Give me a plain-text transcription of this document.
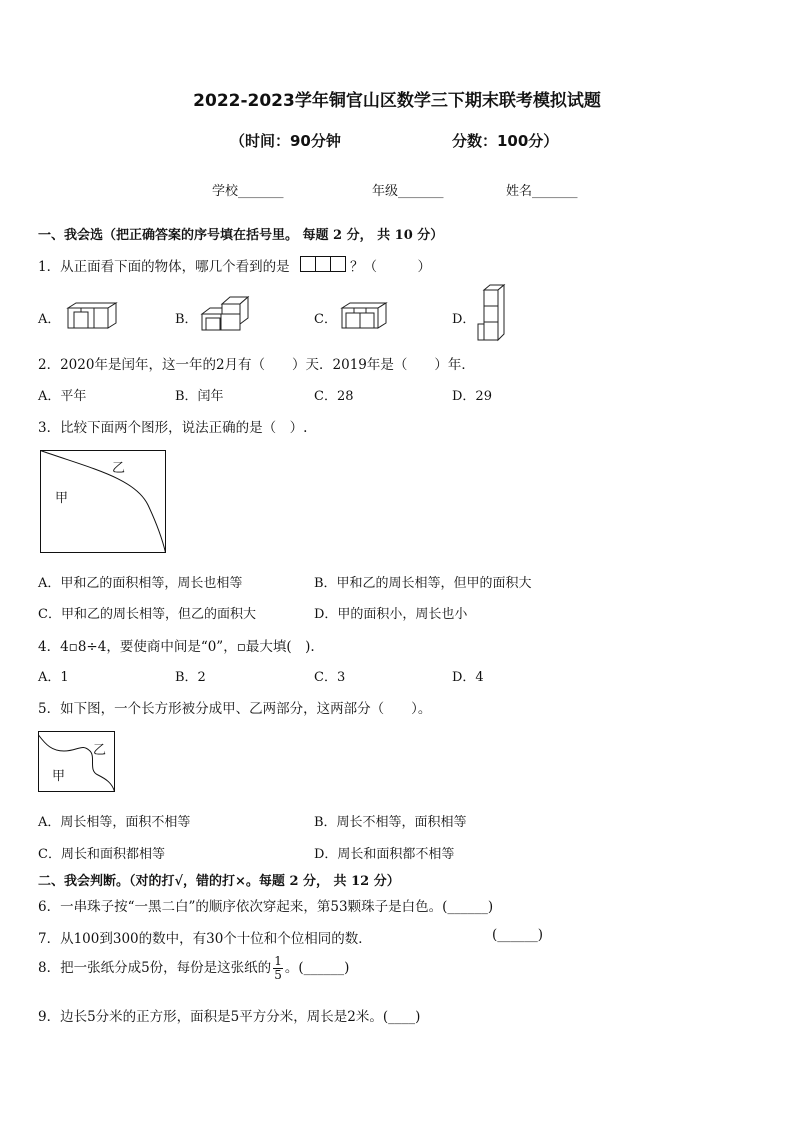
2022-2023学年铜官山区数学三下期末联考模拟试题
（时间：90分钟	分数：100分）
学校_______	年级_______	姓名_______
一、我会选（把正确答案的序号填在括号里。 每题 2 分， 共 10 分）
1．从正面看下面的物体，哪几个看到的是	？（　　　）
A．	B．	C．	D．
2．2020年是闰年，这一年的2月有（　　）天．2019年是（　　）年．
A．平年	B．闰年	C．28	D．29
3．比较下面两个图形，说法正确的是（　）.
乙
甲
A．甲和乙的面积相等，周长也相等	B．甲和乙的周长相等，但甲的面积大
C．甲和乙的周长相等，但乙的面积大	D．甲的面积小，周长也小
4．4▫8÷4，要使商中间是“0”，▫最大填(　).
A．1	B．2	C．3	D．4
5．如下图，一个长方形被分成甲、乙两部分，这两部分（　　）。
乙
甲
A．周长相等，面积不相等	B．周长不相等，面积相等
C．周长和面积都相等	D．周长和面积都不相等
二、我会判断。（对的打√，错的打×。每题 2 分， 共 12 分）
6．一串珠子按“一黑二白”的顺序依次穿起来，第53颗珠子是白色。(______)
7．从100到300的数中，有30个十位和个位相同的数．	(______)
8．把一张纸分成5份，每份是这张纸的 $\frac{1}{5}$ 。(______)
9．边长5分米的正方形，面积是5平方分米，周长是2米。(____)
